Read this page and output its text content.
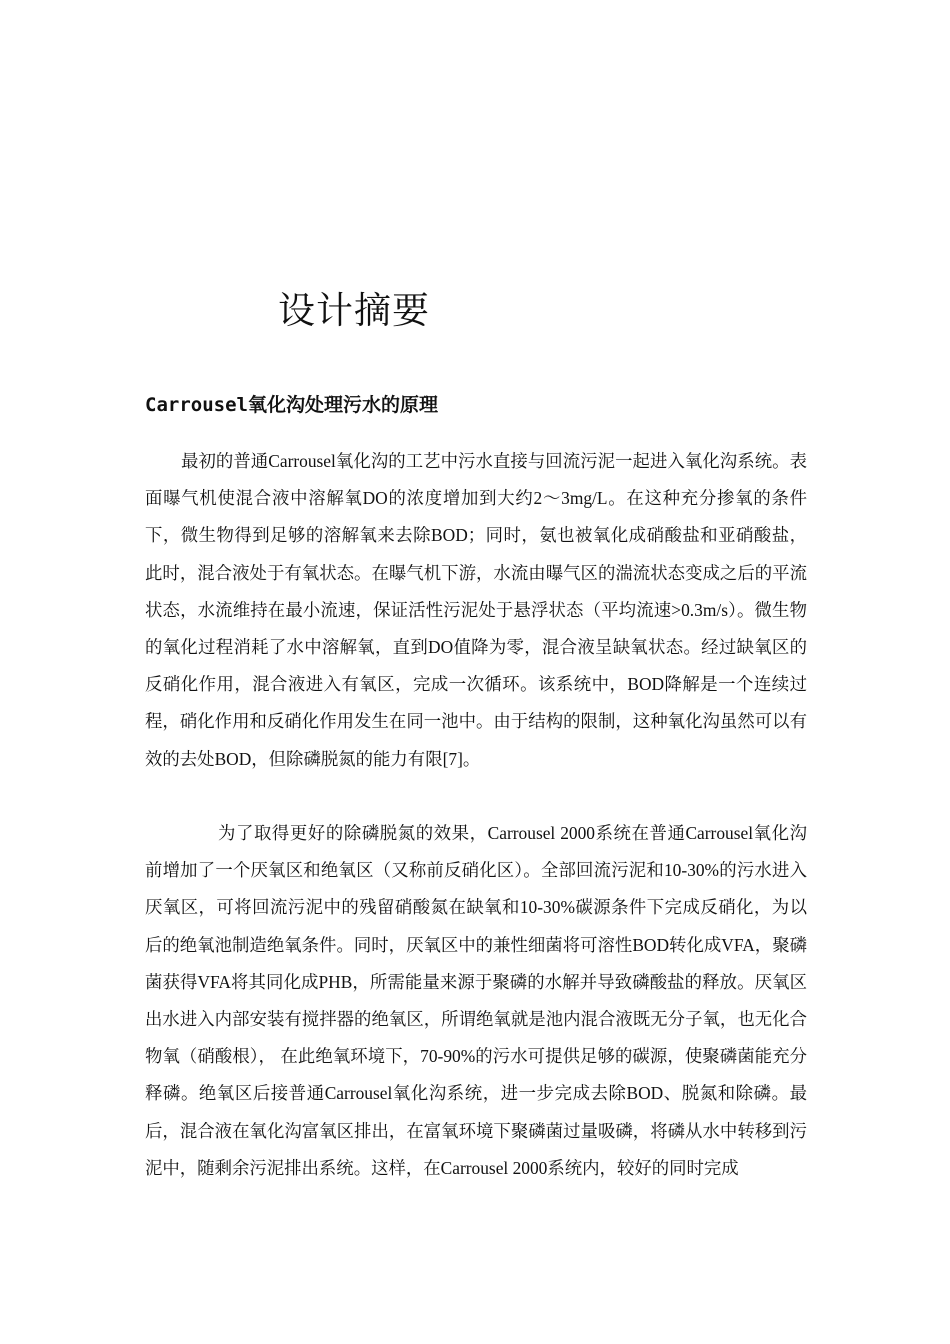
设计摘要
Carrousel氧化沟处理污水的原理

最初的普通Carrousel氧化沟的工艺中污水直接与回流污泥一起进入氧化沟系统。表面曝气机使混合液中溶解氧DO的浓度增加到大约2～3mg/L。在这种充分掺氧的条件下，微生物得到足够的溶解氧来去除BOD；同时，氨也被氧化成硝酸盐和亚硝酸盐，此时，混合液处于有氧状态。在曝气机下游，水流由曝气区的湍流状态变成之后的平流状态，水流维持在最小流速，保证活性污泥处于悬浮状态（平均流速>0.3m/s）。微生物的氧化过程消耗了水中溶解氧，直到DO值降为零，混合液呈缺氧状态。经过缺氧区的反硝化作用，混合液进入有氧区，完成一次循环。该系统中，BOD降解是一个连续过程，硝化作用和反硝化作用发生在同一池中。由于结构的限制，这种氧化沟虽然可以有效的去处BOD，但除磷脱氮的能力有限[7]。

为了取得更好的除磷脱氮的效果，Carrousel 2000系统在普通Carrousel氧化沟前增加了一个厌氧区和绝氧区（又称前反硝化区）。全部回流污泥和10-30%的污水进入厌氧区，可将回流污泥中的残留硝酸氮在缺氧和10-30%碳源条件下完成反硝化，为以后的绝氧池制造绝氧条件。同时，厌氧区中的兼性细菌将可溶性BOD转化成VFA，聚磷菌获得VFA将其同化成PHB，所需能量来源于聚磷的水解并导致磷酸盐的释放。厌氧区出水进入内部安装有搅拌器的绝氧区，所谓绝氧就是池内混合液既无分子氧，也无化合物氧（硝酸根）， 在此绝氧环境下，70-90%的污水可提供足够的碳源，使聚磷菌能充分释磷。绝氧区后接普通Carrousel氧化沟系统，进一步完成去除BOD、脱氮和除磷。最后，混合液在氧化沟富氧区排出，在富氧环境下聚磷菌过量吸磷，将磷从水中转移到污泥中，随剩余污泥排出系统。这样，在Carrousel 2000系统内，较好的同时完成
